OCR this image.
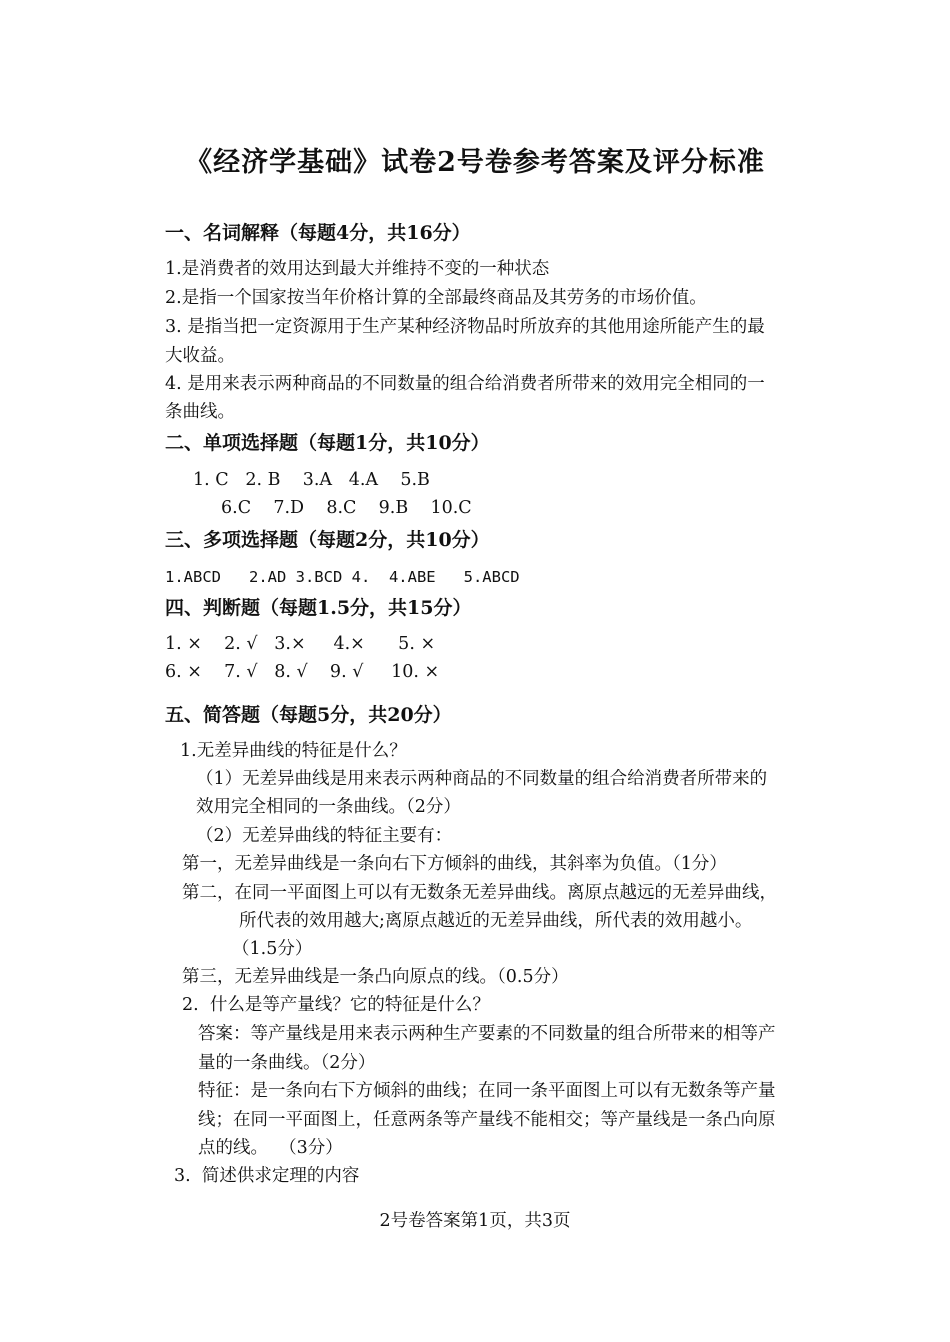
《经济学基础》试卷2号卷参考答案及评分标准
一、名词解释（每题4分，共16分）
1.是消费者的效用达到最大并维持不变的一种状态
2.是指一个国家按当年价格计算的全部最终商品及其劳务的市场价值。
3. 是指当把一定资源用于生产某种经济物品时所放弃的其他用途所能产生的最
大收益。
4. 是用来表示两种商品的不同数量的组合给消费者所带来的效用完全相同的一
条曲线。
二、单项选择题（每题1分，共10分）
1. C   2. B    3.A   4.A    5.B
6.C    7.D    8.C    9.B    10.C
三、多项选择题（每题2分，共10分）
1.ABCD   2.AD 3.BCD 4.  4.ABE   5.ABCD
四、判断题（每题1.5分，共15分）
1. ×    2. √   3.×     4.×      5. ×
6. ×    7. √   8. √    9. √     10. ×
五、简答题（每题5分，共20分）
1.无差异曲线的特征是什么？
（1）无差异曲线是用来表示两种商品的不同数量的组合给消费者所带来的
效用完全相同的一条曲线。（2分）
（2）无差异曲线的特征主要有：
第一，无差异曲线是一条向右下方倾斜的曲线，其斜率为负值。（1分）
第二，在同一平面图上可以有无数条无差异曲线。离原点越远的无差异曲线，
所代表的效用越大;离原点越近的无差异曲线，所代表的效用越小。
（1.5分）
第三，无差异曲线是一条凸向原点的线。（0.5分）
2.  什么是等产量线？它的特征是什么？
答案：等产量线是用来表示两种生产要素的不同数量的组合所带来的相等产
量的一条曲线。（2分）
特征：是一条向右下方倾斜的曲线；在同一条平面图上可以有无数条等产量
线；在同一平面图上，任意两条等产量线不能相交；等产量线是一条凸向原
点的线。  （3分）
3.  简述供求定理的内容
2号卷答案第1页，共3页
